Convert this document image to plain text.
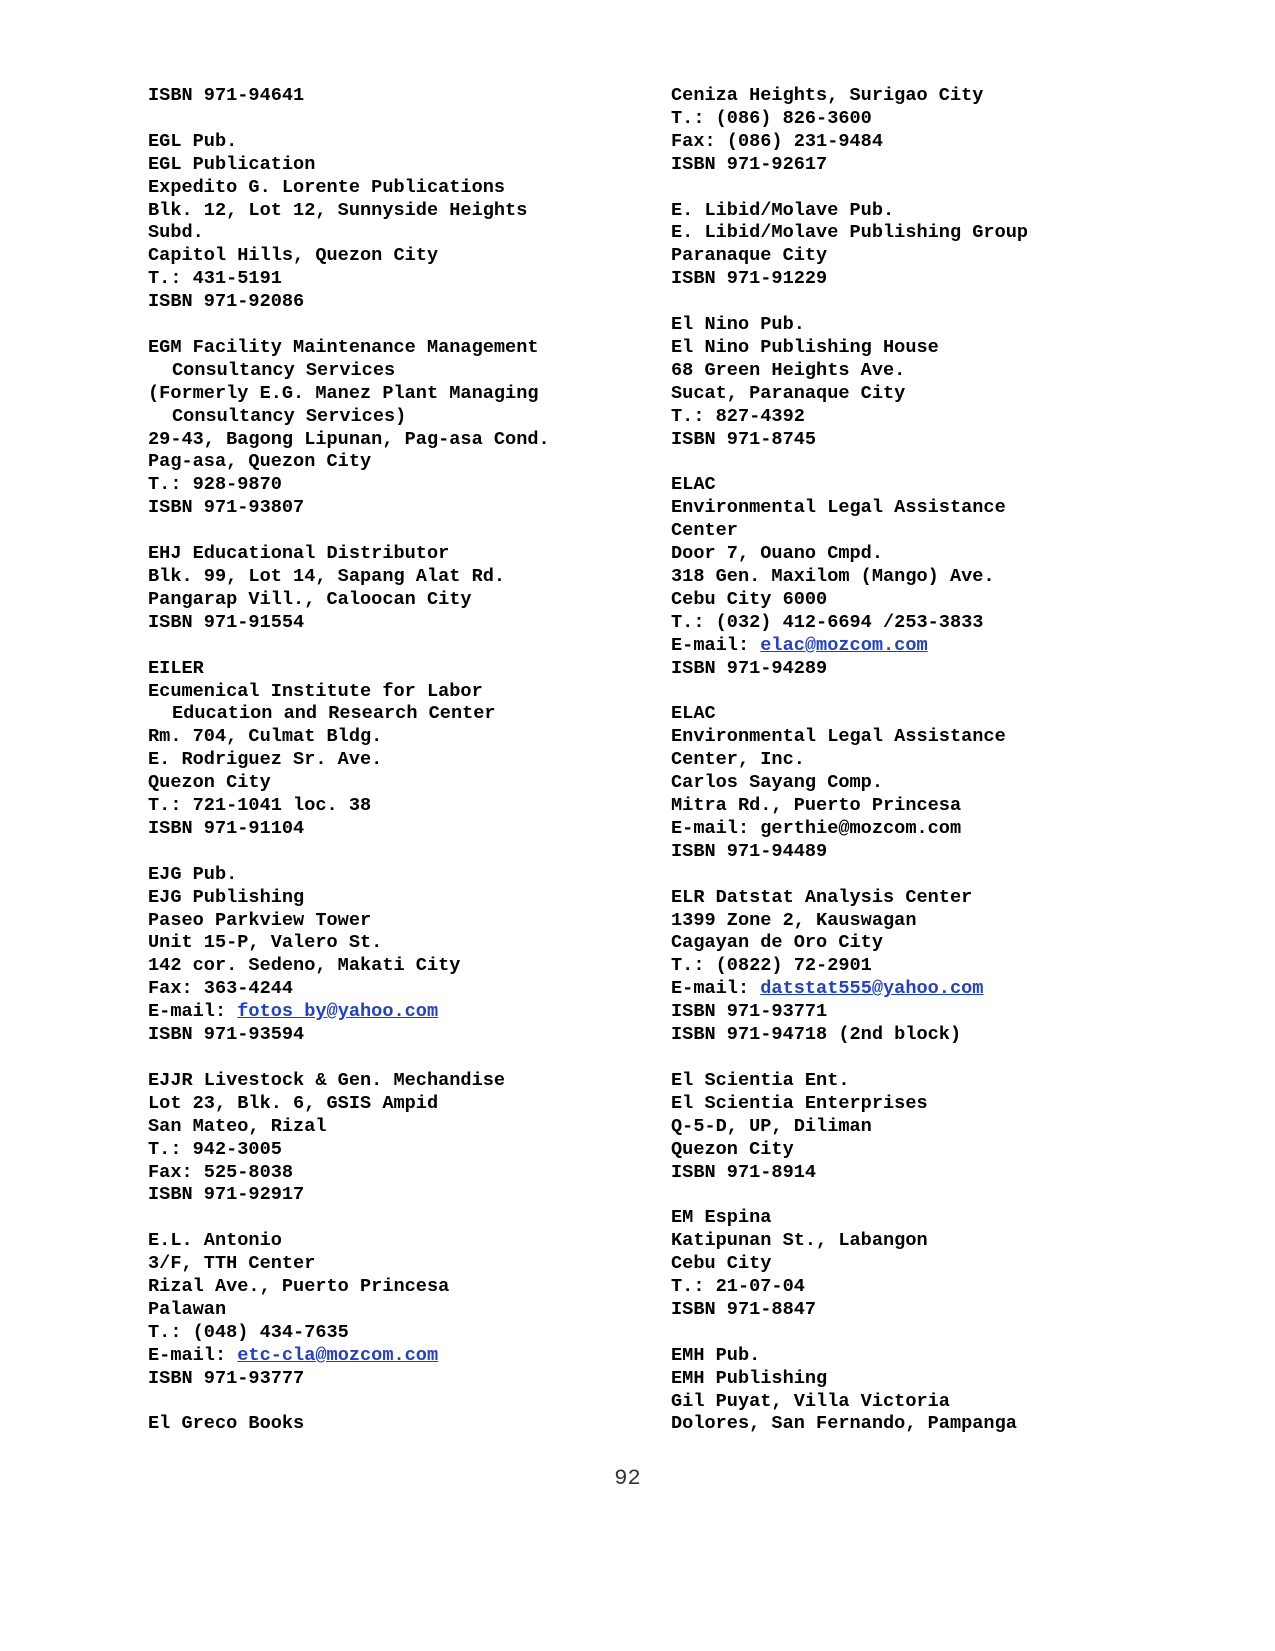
ISBN 971-94641
EGL Pub.
EGL Publication
Expedito G. Lorente Publications
Blk. 12, Lot 12, Sunnyside Heights
Subd.
Capitol Hills, Quezon City
T.: 431-5191
ISBN 971-92086
EGM Facility Maintenance Management
Consultancy Services
(Formerly E.G. Manez Plant Managing
Consultancy Services)
29-43, Bagong Lipunan, Pag-asa Cond.
Pag-asa, Quezon City
T.: 928-9870
ISBN 971-93807
EHJ Educational Distributor
Blk. 99, Lot 14, Sapang Alat Rd.
Pangarap Vill., Caloocan City
ISBN 971-91554
EILER
Ecumenical Institute for Labor
Education and Research Center
Rm. 704, Culmat Bldg.
E. Rodriguez Sr. Ave.
Quezon City
T.: 721-1041 loc. 38
ISBN 971-91104
EJG Pub.
EJG Publishing
Paseo Parkview Tower
Unit 15-P, Valero St.
142 cor. Sedeno, Makati City
Fax: 363-4244
E-mail: fotos_by@yahoo.com
ISBN 971-93594
EJJR Livestock & Gen. Mechandise
Lot 23, Blk. 6, GSIS Ampid
San Mateo, Rizal
T.: 942-3005
Fax: 525-8038
ISBN 971-92917
E.L. Antonio
3/F, TTH Center
Rizal Ave., Puerto Princesa
Palawan
T.: (048) 434-7635
E-mail: etc-cla@mozcom.com
ISBN 971-93777
El Greco Books
Ceniza Heights, Surigao City
T.: (086) 826-3600
Fax: (086) 231-9484
ISBN 971-92617
E. Libid/Molave Pub.
E. Libid/Molave Publishing Group
Paranaque City
ISBN 971-91229
El Nino Pub.
El Nino Publishing House
68 Green Heights Ave.
Sucat, Paranaque City
T.: 827-4392
ISBN 971-8745
ELAC
Environmental Legal Assistance
Center
Door 7, Ouano Cmpd.
318 Gen. Maxilom (Mango) Ave.
Cebu City 6000
T.: (032) 412-6694 /253-3833
E-mail: elac@mozcom.com
ISBN 971-94289
ELAC
Environmental Legal Assistance
Center, Inc.
Carlos Sayang Comp.
Mitra Rd., Puerto Princesa
E-mail: gerthie@mozcom.com
ISBN 971-94489
ELR Datstat Analysis Center
1399 Zone 2, Kauswagan
Cagayan de Oro City
T.: (0822) 72-2901
E-mail: datstat555@yahoo.com
ISBN 971-93771
ISBN 971-94718 (2nd block)
El Scientia Ent.
El Scientia Enterprises
Q-5-D, UP, Diliman
Quezon City
ISBN 971-8914
EM Espina
Katipunan St., Labangon
Cebu City
T.: 21-07-04
ISBN 971-8847
EMH Pub.
EMH Publishing
Gil Puyat, Villa Victoria
Dolores, San Fernando, Pampanga
92
